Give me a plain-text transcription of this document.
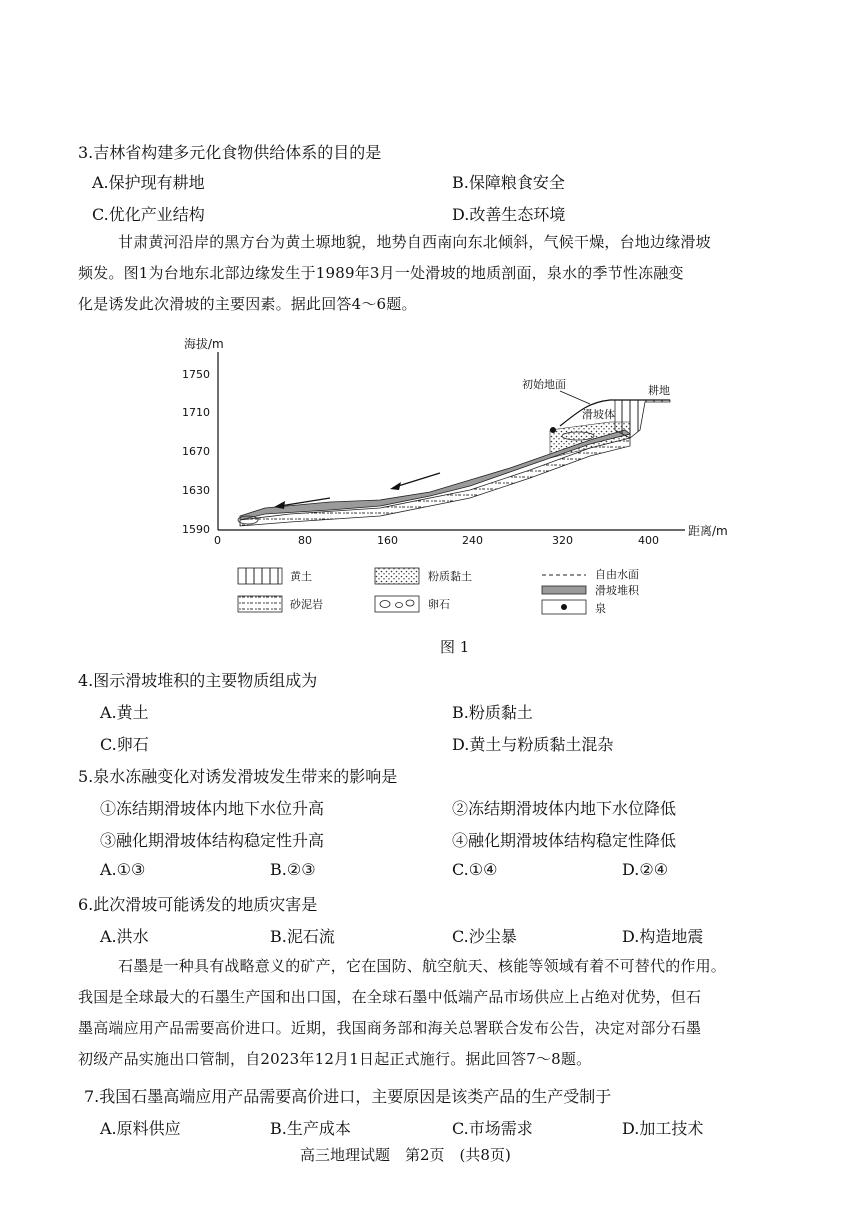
3.吉林省构建多元化食物供给体系的目的是
A.保护现有耕地	B.保障粮食安全
C.优化产业结构	D.改善生态环境
甘肃黄河沿岸的黑方台为黄土塬地貌，地势自西南向东北倾斜，气候干燥，台地边缘滑坡
频发。图1为台地东北部边缘发生于1989年3月一处滑坡的地质剖面，泉水的季节性冻融变
化是诱发此次滑坡的主要因素。据此回答4～6题。
海拔/m
距离/m
1750
1710
1670
1630
1590
0	80	160	240	320	400
初始地面	耕地
滑坡体
黄土	粉质黏土	自由水面
砂泥岩	卵石
滑坡堆积
泉
图 1
4.图示滑坡堆积的主要物质组成为
A.黄土	B.粉质黏土
C.卵石	D.黄土与粉质黏土混杂
5.泉水冻融变化对诱发滑坡发生带来的影响是
①冻结期滑坡体内地下水位升高	②冻结期滑坡体内地下水位降低
③融化期滑坡体结构稳定性升高	④融化期滑坡体结构稳定性降低
A.①③	B.②③	C.①④	D.②④
6.此次滑坡可能诱发的地质灾害是
A.洪水	B.泥石流	C.沙尘暴	D.构造地震
石墨是一种具有战略意义的矿产，它在国防、航空航天、核能等领域有着不可替代的作用。
我国是全球最大的石墨生产国和出口国，在全球石墨中低端产品市场供应上占绝对优势，但石
墨高端应用产品需要高价进口。近期，我国商务部和海关总署联合发布公告，决定对部分石墨
初级产品实施出口管制，自2023年12月1日起正式施行。据此回答7～8题。
7.我国石墨高端应用产品需要高价进口，主要原因是该类产品的生产受制于
A.原料供应	B.生产成本	C.市场需求	D.加工技术
高三地理试题　第2页　(共8页)
